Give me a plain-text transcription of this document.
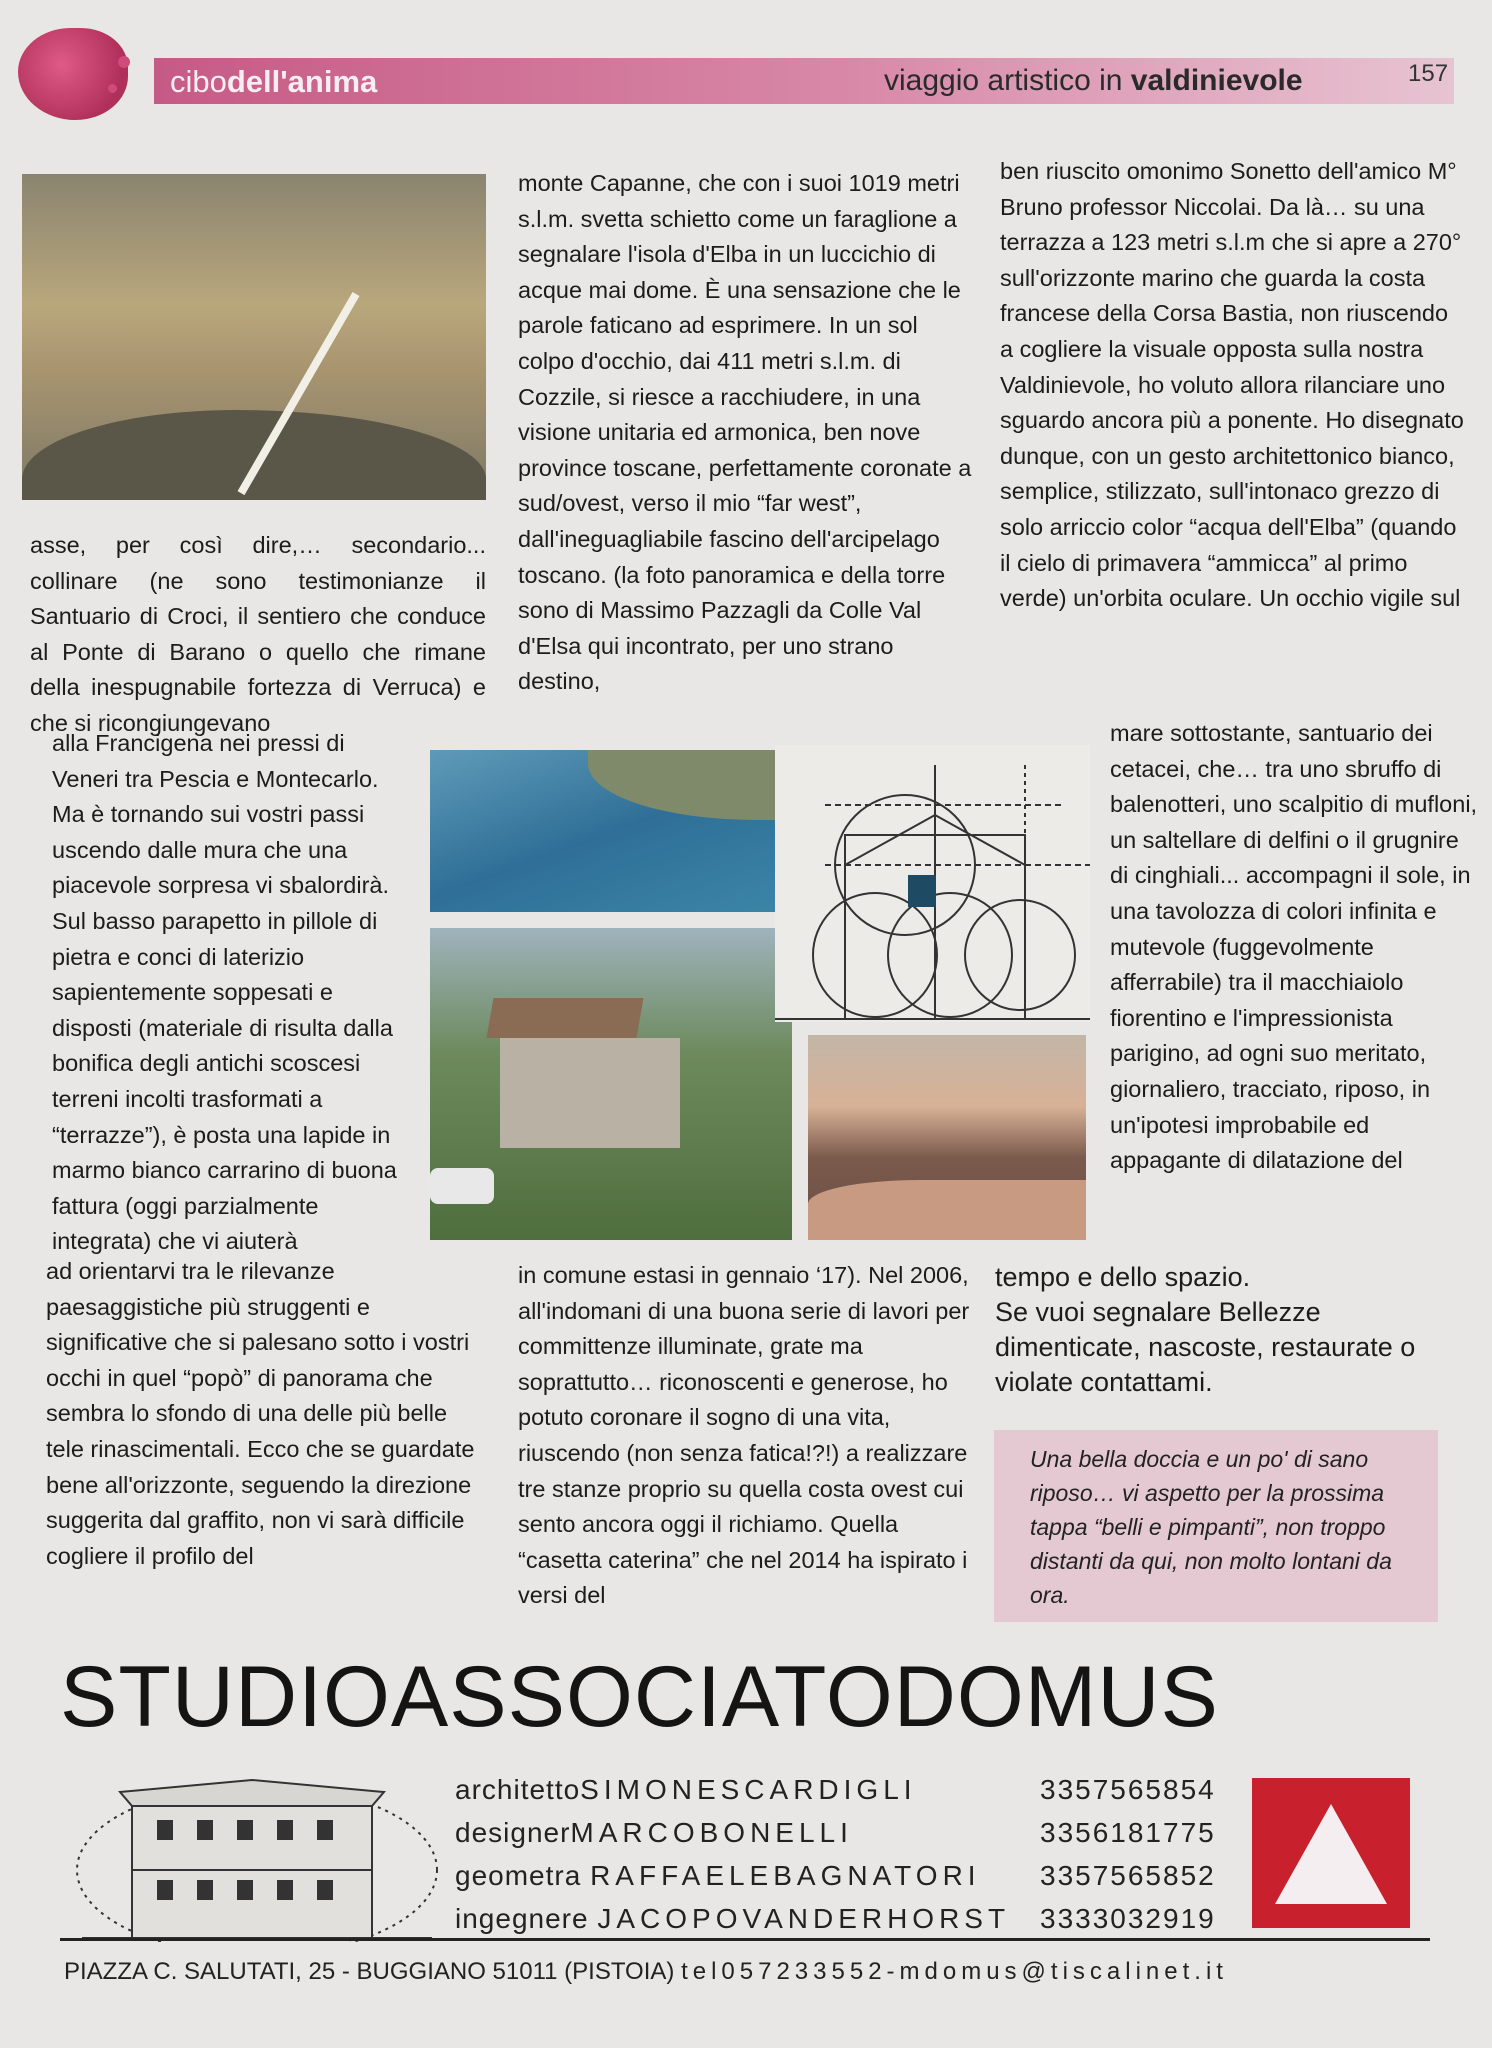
cibodell'anima	viaggio artistico in valdinievole	157

asse, per così dire,… secondario... collinare (ne sono testimonianze il Santuario di Croci, il sentiero che conduce al Ponte di Barano o quello che rimane della inespugnabile fortezza di Verruca) e che si ricongiungevano

alla Francigena nei pressi di Veneri tra Pescia e Montecarlo. Ma è tornando sui vostri passi uscendo dalle mura che una piacevole sorpresa vi sbalordirà. Sul basso parapetto in pillole di pietra e conci di laterizio sapientemente soppesati e disposti (materiale di risulta dalla bonifica degli antichi scoscesi terreni incolti trasformati a “terrazze”), è posta una lapide in marmo bianco carrarino di buona fattura (oggi parzialmente integrata) che vi aiuterà

ad orientarvi tra le rilevanze paesaggistiche più struggenti e significative che si palesano sotto i vostri occhi in quel “popò” di panorama che sembra lo sfondo di una delle più belle tele rinascimentali. Ecco che se guardate bene all'orizzonte, seguendo la direzione suggerita dal graffito, non vi sarà difficile cogliere il profilo del

monte Capanne, che con i suoi 1019 metri s.l.m. svetta schietto come un faraglione a segnalare l'isola d'Elba in un luccichio di acque mai dome. È una sensazione che le parole faticano ad esprimere. In un sol colpo d'occhio, dai 411 metri s.l.m. di Cozzile, si riesce a racchiudere, in una visione unitaria ed armonica, ben nove province toscane, perfettamente coronate a sud/ovest, verso il mio “far west”, dall'ineguagliabile fascino dell'arcipelago toscano. (la foto panoramica e della torre sono di Massimo Pazzagli da Colle Val d'Elsa qui incontrato, per uno strano destino,

in comune estasi in gennaio ‘17). Nel 2006, all'indomani di una buona serie di lavori per committenze illuminate, grate ma soprattutto… riconoscenti e generose, ho potuto coronare il sogno di una vita, riuscendo (non senza fatica!?!) a realizzare tre stanze proprio su quella costa ovest cui sento ancora oggi il richiamo. Quella “casetta caterina” che nel 2014 ha ispirato i versi del

ben riuscito omonimo Sonetto dell'amico M° Bruno professor Niccolai. Da là… su una terrazza a 123 metri s.l.m che si apre a 270° sull'orizzonte marino che guarda la costa francese della Corsa Bastia, non riuscendo a cogliere la visuale opposta sulla nostra Valdinievole, ho voluto allora rilanciare uno sguardo ancora più a ponente. Ho disegnato dunque, con un gesto architettonico bianco, semplice, stilizzato, sull'intonaco grezzo di solo arriccio color “acqua dell'Elba” (quando il cielo di primavera “ammicca” al primo verde) un'orbita oculare. Un occhio vigile sul

mare sottostante, santuario dei cetacei, che… tra uno sbruffo di balenotteri, uno scalpitio di mufloni, un saltellare di delfini o il grugnire di cinghiali... accompagni il sole, in una tavolozza di colori infinita e mutevole (fuggevolmente afferrabile) tra il macchiaiolo fiorentino e l'impressionista parigino, ad ogni suo meritato, giornaliero, tracciato, riposo, in un'ipotesi improbabile ed appagante di dilatazione del

tempo e dello spazio.

Se vuoi segnalare Bellezze dimenticate, nascoste, restaurate o violate contattami.

Una bella doccia e un po' di sano riposo… vi aspetto per la prossima tappa “belli e pimpanti”, non troppo distanti da qui, non molto lontani da ora.
STUDIOASSOCIATODOMUS
architettoSIMONESCARDIGLI
designerMARCOBONELLI
geometra RAFFAELEBAGNATORI
ingegnere JACOPOVANDERHORST
3357565854
3356181775
3357565852
3333032919
PIAZZA C. SALUTATI, 25 - BUGGIANO 51011 (PISTOIA) tel057233552-mdomus@tiscalinet.it
